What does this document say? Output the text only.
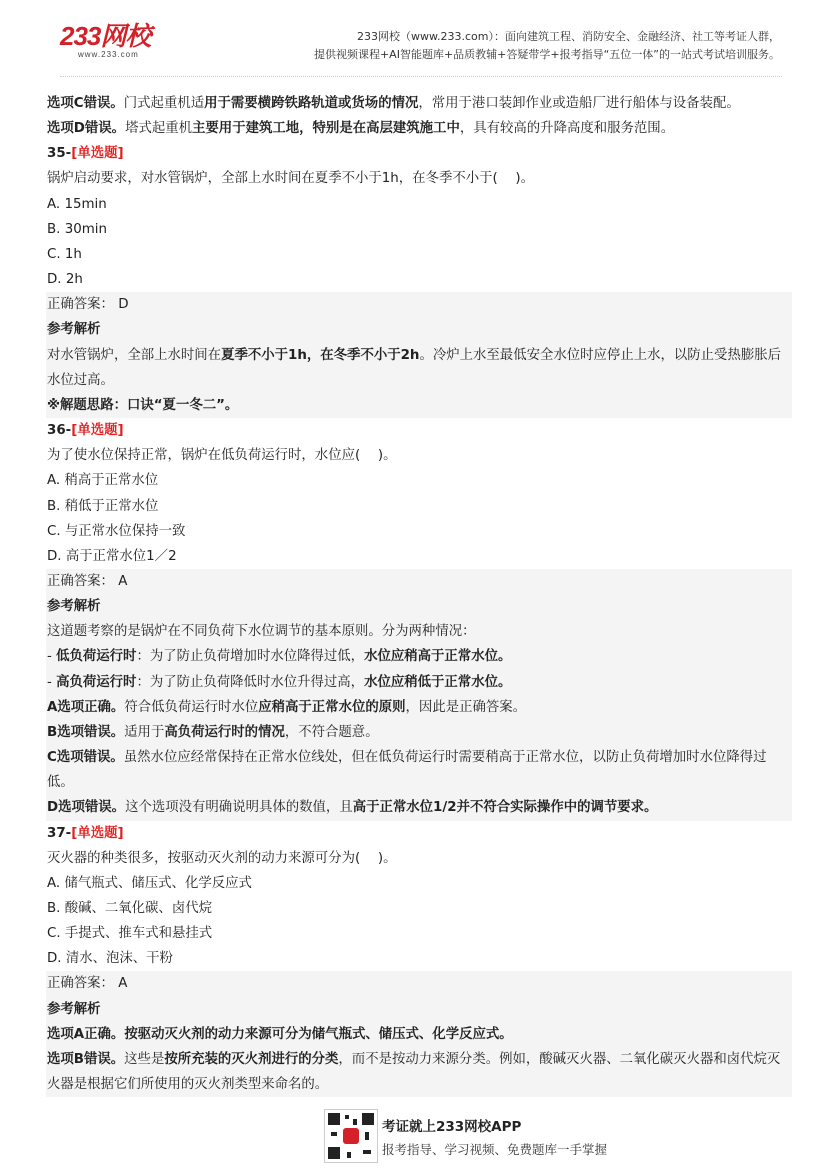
233网校
www.233.com
233网校（www.233.com）：面向建筑工程、消防安全、金融经济、社工等考证人群，
提供视频课程+AI智能题库+品质教辅+答疑带学+报考指导“五位一体”的一站式考试培训服务。
选项C错误。门式起重机适用于需要横跨铁路轨道或货场的情况，常用于港口装卸作业或造船厂进行船体与设备装配。
选项D错误。塔式起重机主要用于建筑工地，特别是在高层建筑施工中，具有较高的升降高度和服务范围。
35-[单选题]
锅炉启动要求，对水管锅炉，全部上水时间在夏季不小于1h，在冬季不小于(　 )。
A. 15min
B. 30min
C. 1h
D. 2h
正确答案： D
参考解析
对水管锅炉，全部上水时间在夏季不小于1h，在冬季不小于2h。冷炉上水至最低安全水位时应停止上水，以防止受热膨胀后水位过高。
※解题思路：口诀“夏一冬二”。
36-[单选题]
为了使水位保持正常，锅炉在低负荷运行时，水位应(　 )。
A. 稍高于正常水位
B. 稍低于正常水位
C. 与正常水位保持一致
D. 高于正常水位1／2
正确答案： A
参考解析
这道题考察的是锅炉在不同负荷下水位调节的基本原则。分为两种情况：
- 低负荷运行时：为了防止负荷增加时水位降得过低，水位应稍高于正常水位。
- 高负荷运行时：为了防止负荷降低时水位升得过高，水位应稍低于正常水位。
A选项正确。符合低负荷运行时水位应稍高于正常水位的原则，因此是正确答案。
B选项错误。适用于高负荷运行时的情况，不符合题意。
C选项错误。虽然水位应经常保持在正常水位线处，但在低负荷运行时需要稍高于正常水位，以防止负荷增加时水位降得过低。
D选项错误。这个选项没有明确说明具体的数值，且高于正常水位1/2并不符合实际操作中的调节要求。
37-[单选题]
灭火器的种类很多，按驱动灭火剂的动力来源可分为(　 )。
A. 储气瓶式、储压式、化学反应式
B. 酸碱、二氧化碳、卤代烷
C. 手提式、推车式和悬挂式
D. 清水、泡沫、干粉
正确答案： A
参考解析
选项A正确。按驱动灭火剂的动力来源可分为储气瓶式、储压式、化学反应式。
选项B错误。这些是按所充装的灭火剂进行的分类，而不是按动力来源分类。例如，酸碱灭火器、二氧化碳灭火器和卤代烷灭火器是根据它们所使用的灭火剂类型来命名的。
考证就上233网校APP
报考指导、学习视频、免费题库一手掌握
